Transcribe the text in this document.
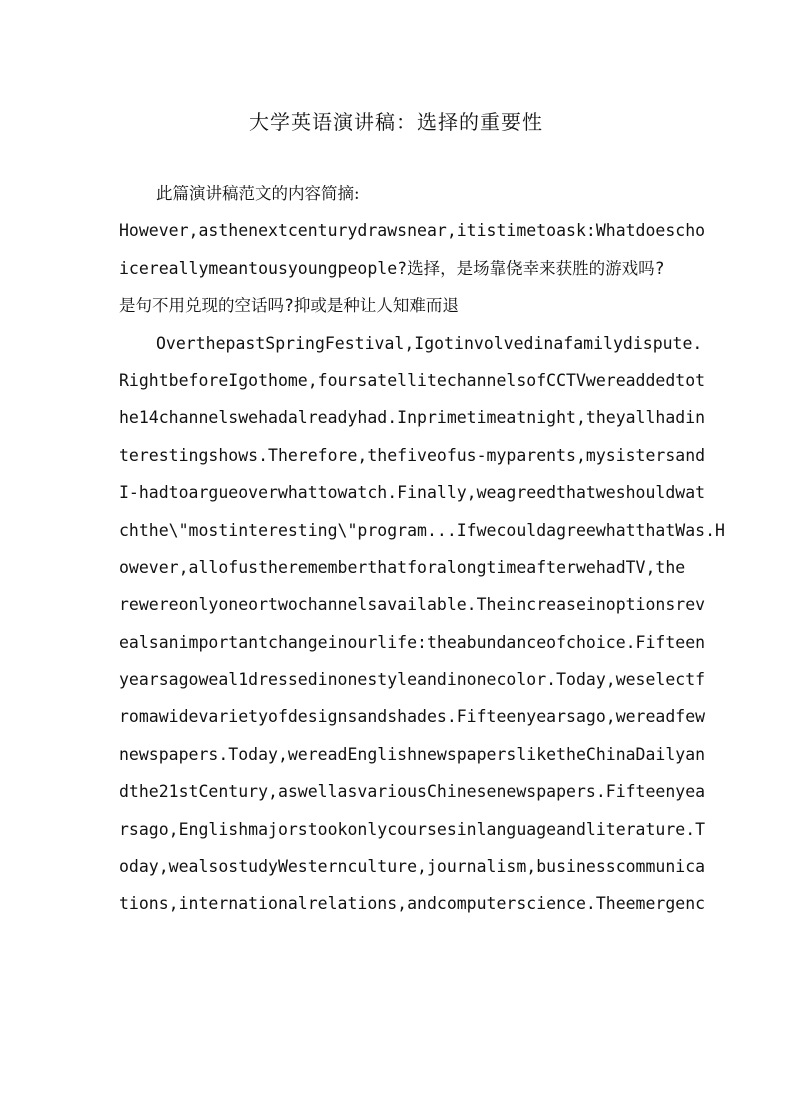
大学英语演讲稿：选择的重要性
此篇演讲稿范文的内容简摘:
However,asthenextcenturydrawsnear,itistimetoask:Whatdoescho
icereallymeantousyoungpeople?选择，是场靠侥幸来获胜的游戏吗?
是句不用兑现的空话吗?抑或是种让人知难而退
OverthepastSpringFestival,Igotinvolvedinafamilydispute.
RightbeforeIgothome,foursatellitechannelsofCCTVwereaddedtot
he14channelswehadalreadyhad.Inprimetimeatnight,theyallhadin
terestingshows.Therefore,thefiveofus-myparents,mysistersand
I-hadtoargueoverwhattowatch.Finally,weagreedthatweshouldwat
chthe\"mostinteresting\"program...IfwecouldagreewhatthatWas.H
owever,allofustherememberthatforalongtimeafterwehadTV,the
rewereonlyoneortwochannelsavailable.Theincreaseinoptionsrev
ealsanimportantchangeinourlife:theabundanceofchoice.Fifteen
yearsagoweal1dressedinonestyleandinonecolor.Today,weselectf
romawidevarietyofdesignsandshades.Fifteenyearsago,wereadfew
newspapers.Today,wereadEnglishnewspapersliketheChinaDailyan
dthe21stCentury,aswellasvariousChinesenewspapers.Fifteenyea
rsago,Englishmajorstookonlycoursesinlanguageandliterature.T
oday,wealsostudyWesternculture,journalism,businesscommunica
tions,internationalrelations,andcomputerscience.Theemergenc
